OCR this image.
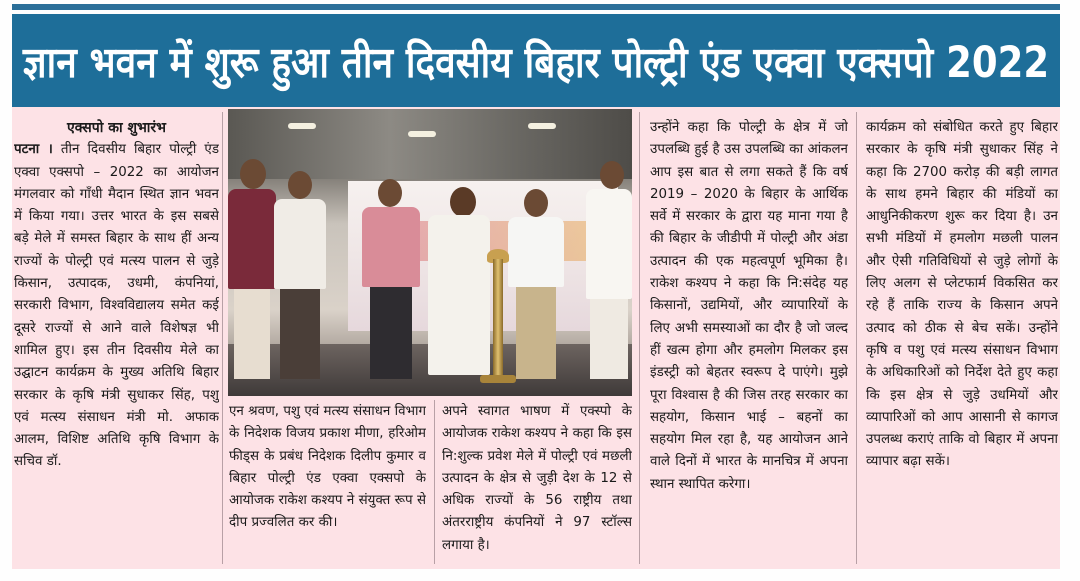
ज्ञान भवन में शुरू हुआ तीन दिवसीय बिहार पोल्ट्री एंड एक्वा एक्सपो 2022
एक्सपो का शुभारंभ

पटना । तीन दिवसीय बिहार पोल्ट्री एंड एक्वा एक्सपो – 2022 का आयोजन मंगलवार को गाँधी मैदान स्थित ज्ञान भवन में किया गया। उत्तर भारत के इस सबसे बड़े मेले में समस्त बिहार के साथ हीं अन्य राज्यों के पोल्ट्री एवं मत्स्य पालन से जुड़े किसान, उत्पादक, उधमी, कंपनियां, सरकारी विभाग, विश्वविद्यालय समेत कई दूसरे राज्यों से आने वाले विशेषज्ञ भी शामिल हुए। इस तीन दिवसीय मेले का उद्घाटन कार्यक्रम के मुख्य अतिथि बिहार सरकार के कृषि मंत्री सुधाकर सिंह, पशु एवं मत्स्य संसाधन मंत्री मो. अफाक आलम, विशिष्ट अतिथि कृषि विभाग के सचिव डॉ.

एन श्रवण, पशु एवं मत्स्य संसाधन विभाग के निदेशक विजय प्रकाश मीणा, हरिओम फीड्स के प्रबंध निदेशक दिलीप कुमार व बिहार पोल्ट्री एंड एक्वा एक्सपो के आयोजक राकेश कश्यप ने संयुक्त रूप से दीप प्रज्वलित कर की।

अपने स्वागत भाषण में एक्स्पो के आयोजक राकेश कश्यप ने कहा कि इस नि:शुल्क प्रवेश मेले में पोल्ट्री एवं मछली उत्पादन के क्षेत्र से जुड़ी देश के 12 से अधिक राज्यों के 56 राष्ट्रीय तथा अंतरराष्ट्रीय कंपनियों ने 97 स्टॉल्स लगाया है।

उन्होंने कहा कि पोल्ट्री के क्षेत्र में जो उपलब्धि हुई है उस उपलब्धि का आंकलन आप इस बात से लगा सकते हैं कि वर्ष 2019 – 2020 के बिहार के आर्थिक सर्वे में सरकार के द्वारा यह माना गया है की बिहार के जीडीपी में पोल्ट्री और अंडा उत्पादन की एक महत्वपूर्ण भूमिका है। राकेश कश्यप ने कहा कि नि:संदेह यह किसानों, उद्यमियों, और व्यापारियों के लिए अभी समस्याओं का दौर है जो जल्द हीं खत्म होगा और हमलोग मिलकर इस इंडस्ट्री को बेहतर स्वरूप दे पाएंगे। मुझे पूरा विश्वास है की जिस तरह सरकार का सहयोग, किसान भाई – बहनों का सहयोग मिल रहा है, यह आयोजन आने वाले दिनों में भारत के मानचित्र में अपना स्थान स्थापित करेगा।

कार्यक्रम को संबोधित करते हुए बिहार सरकार के कृषि मंत्री सुधाकर सिंह ने कहा कि 2700 करोड़ की बड़ी लागत के साथ हमने बिहार की मंडियों का आधुनिकीकरण शुरू कर दिया है। उन सभी मंडियों में हमलोग मछली पालन और ऐसी गतिविधियों से जुड़े लोगों के लिए अलग से प्लेटफार्म विकसित कर रहे हैं ताकि राज्य के किसान अपने उत्पाद को ठीक से बेच सकें। उन्होंने कृषि व पशु एवं मत्स्य संसाधन विभाग के अधिकारिओं को निर्देश देते हुए कहा कि इस क्षेत्र से जुड़े उधमियों और व्यापारिओं को आप आसानी से कागज उपलब्ध कराएं ताकि वो बिहार में अपना व्यापार बढ़ा सकें।
